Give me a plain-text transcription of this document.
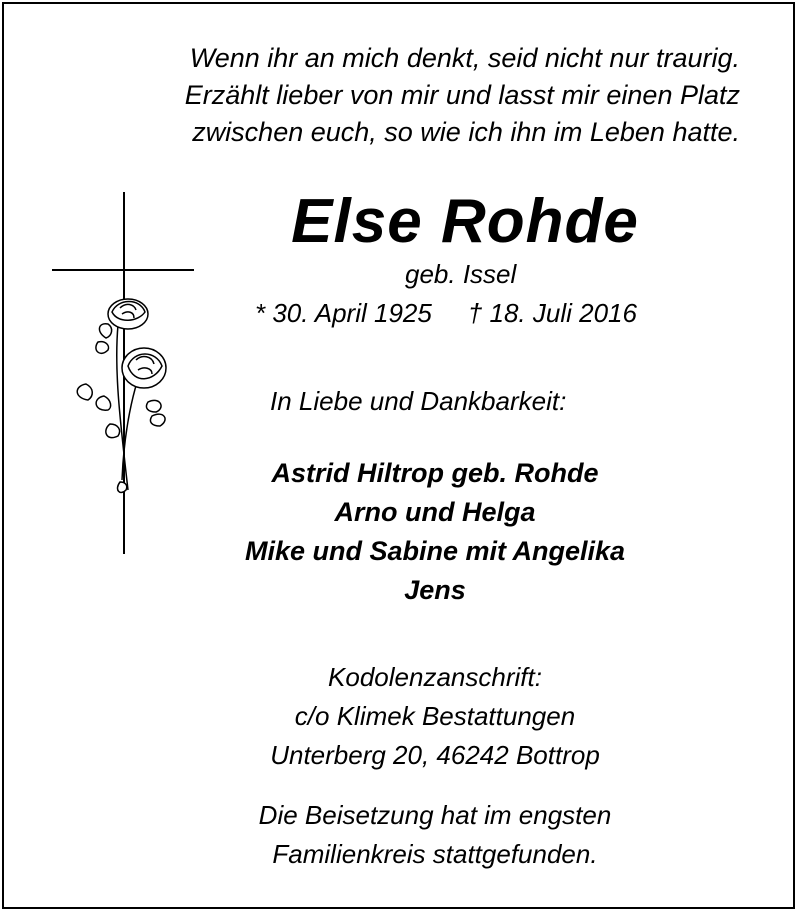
Wenn ihr an mich denkt, seid nicht nur traurig.
Erzählt lieber von mir und lasst mir einen Platz
zwischen euch, so wie ich ihn im Leben hatte.
Else Rohde
geb. Issel
* 30. April 1925 † 18. Juli 2016
In Liebe und Dankbarkeit:
Astrid Hiltrop geb. Rohde
Arno und Helga
Mike und Sabine mit Angelika
Jens
Kodolenzanschrift:
c/o Klimek Bestattungen
Unterberg 20, 46242 Bottrop
Die Beisetzung hat im engsten
Familienkreis stattgefunden.
